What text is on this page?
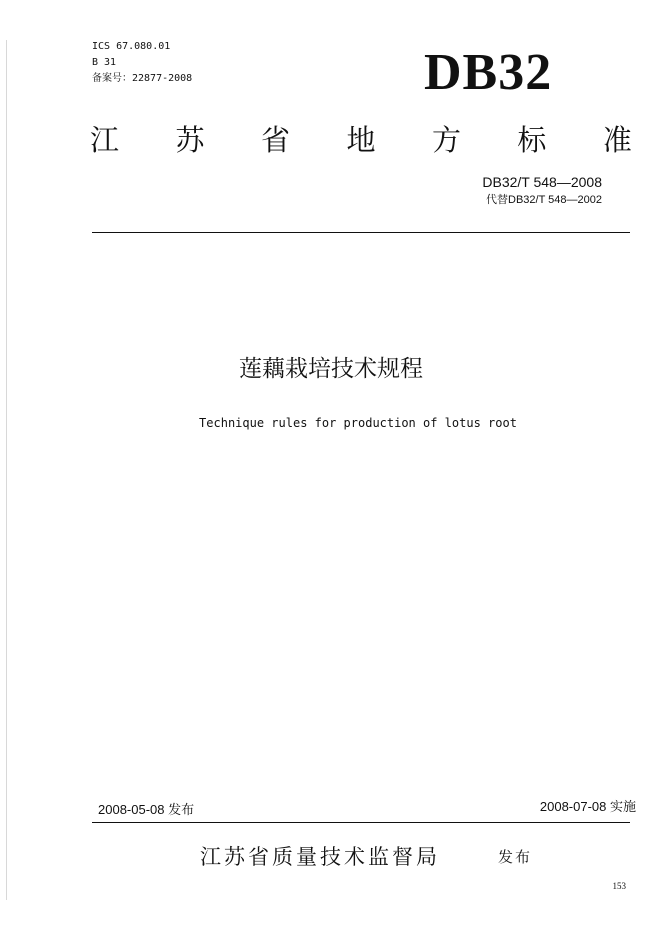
ICS 67.080.01
B 31
备案号：22877-2008	DB32
江 苏 省 地 方 标 准
DB32/T 548—2008
代替DB32/T 548—2002
莲藕栽培技术规程
Technique rules for production of lotus root
2008-05-08 发布	2008-07-08 实施
江苏省质量技术监督局	发布
153
